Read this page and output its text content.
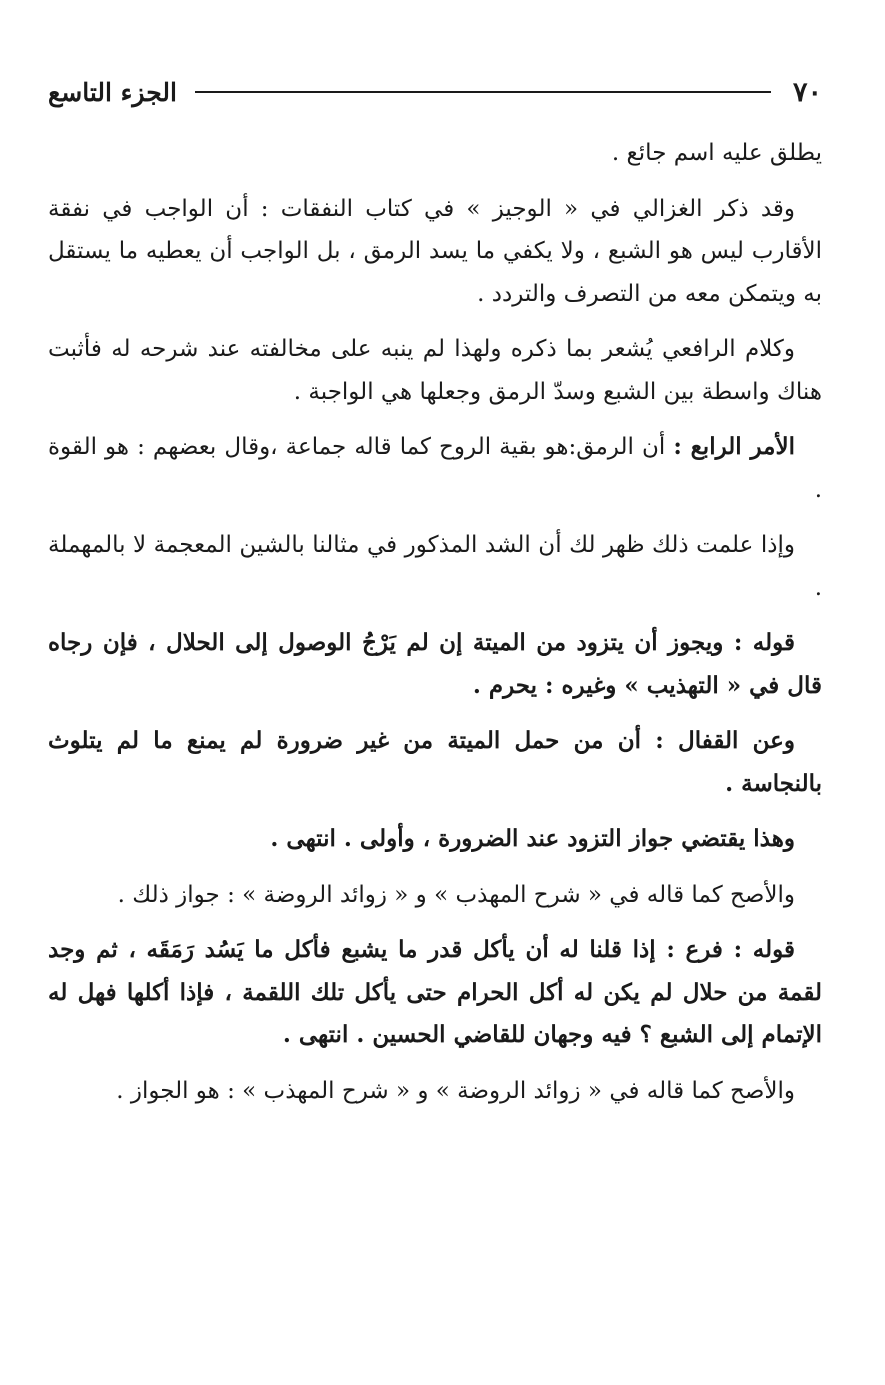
٧٠
الجزء التاسع

يطلق عليه اسم جائع .

وقد ذكر الغزالي في « الوجيز » في كتاب النفقات : أن الواجب في نفقة الأقارب ليس هو الشبع ، ولا يكفي ما يسد الرمق ، بل الواجب أن يعطيه ما يستقل به ويتمكن معه من التصرف والتردد .

وكلام الرافعي يُشعر بما ذكره ولهذا لم ينبه على مخالفته عند شرحه له فأثبت هناك واسطة بين الشبع وسدّ الرمق وجعلها هي الواجبة .

الأمر الرابع : أن الرمق:هو بقية الروح كما قاله جماعة ،وقال بعضهم : هو القوة .

وإذا علمت ذلك ظهر لك أن الشد المذكور في مثالنا بالشين المعجمة لا بالمهملة .

قوله : ويجوز أن يتزود من الميتة إن لم يَرْجُ الوصول إلى الحلال ، فإن رجاه قال في « التهذيب » وغيره : يحرم .

وعن القفال : أن من حمل الميتة من غير ضرورة لم يمنع ما لم يتلوث بالنجاسة .

وهذا يقتضي جواز التزود عند الضرورة ، وأولى . انتهى .

والأصح كما قاله في « شرح المهذب » و « زوائد الروضة » : جواز ذلك .

قوله : فرع : إذا قلنا له أن يأكل قدر ما يشبع فأكل ما يَسُد رَمَقَه ، ثم وجد لقمة من حلال لم يكن له أكل الحرام حتى يأكل تلك اللقمة ، فإذا أكلها فهل له الإتمام إلى الشبع ؟ فيه وجهان للقاضي الحسين . انتهى .

والأصح كما قاله في « زوائد الروضة » و « شرح المهذب » : هو الجواز .
